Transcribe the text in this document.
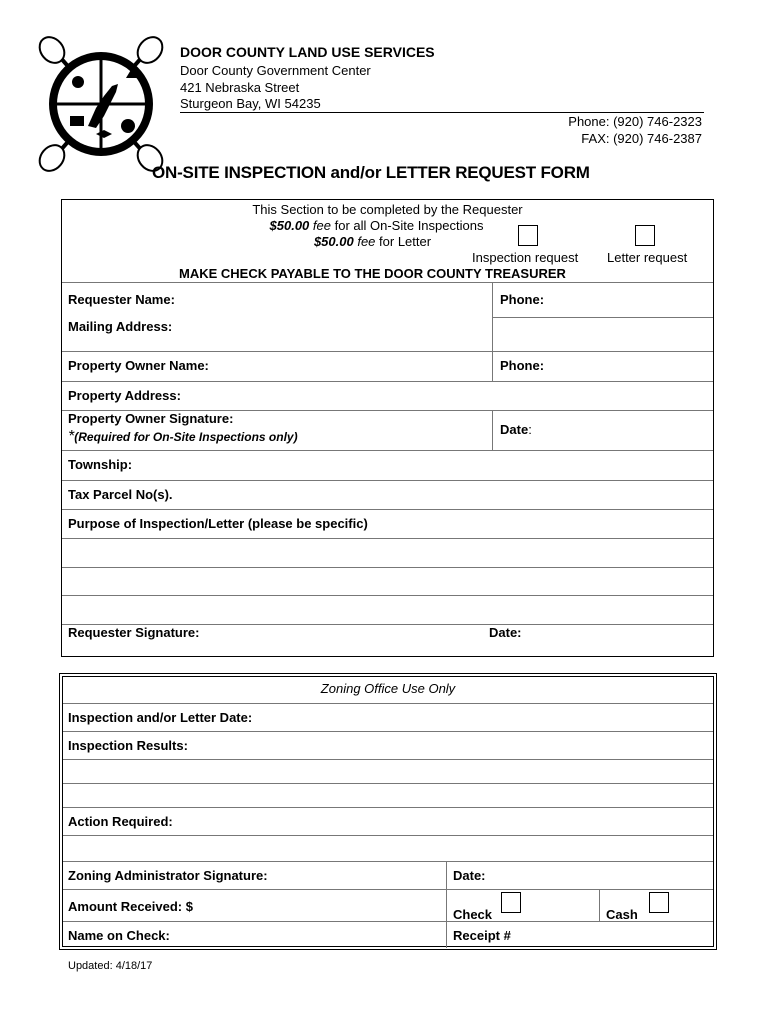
DOOR COUNTY LAND USE SERVICES
Door County Government Center
421 Nebraska Street
Sturgeon Bay, WI 54235
Phone: (920) 746-2323
FAX: (920) 746-2387
ON-SITE INSPECTION and/or LETTER REQUEST FORM
This Section to be completed by the Requester
$50.00 fee for all On-Site Inspections
$50.00 fee for Letter
Inspection request Letter request
MAKE CHECK PAYABLE TO THE DOOR COUNTY TREASURER
Requester Name:	Phone:
Mailing Address:
Property Owner Name:	Phone:
Property Address:
Property Owner Signature:
*(Required for On-Site Inspections only)	Date:
Township:
Tax Parcel No(s).
Purpose of Inspection/Letter (please be specific)
Requester Signature:	Date:
Zoning Office Use Only
Inspection and/or Letter Date:
Inspection Results:
Action Required:
Zoning Administrator Signature:	Date:
Amount Received: $
Check	Cash
Name on Check:	Receipt #
Updated: 4/18/17
